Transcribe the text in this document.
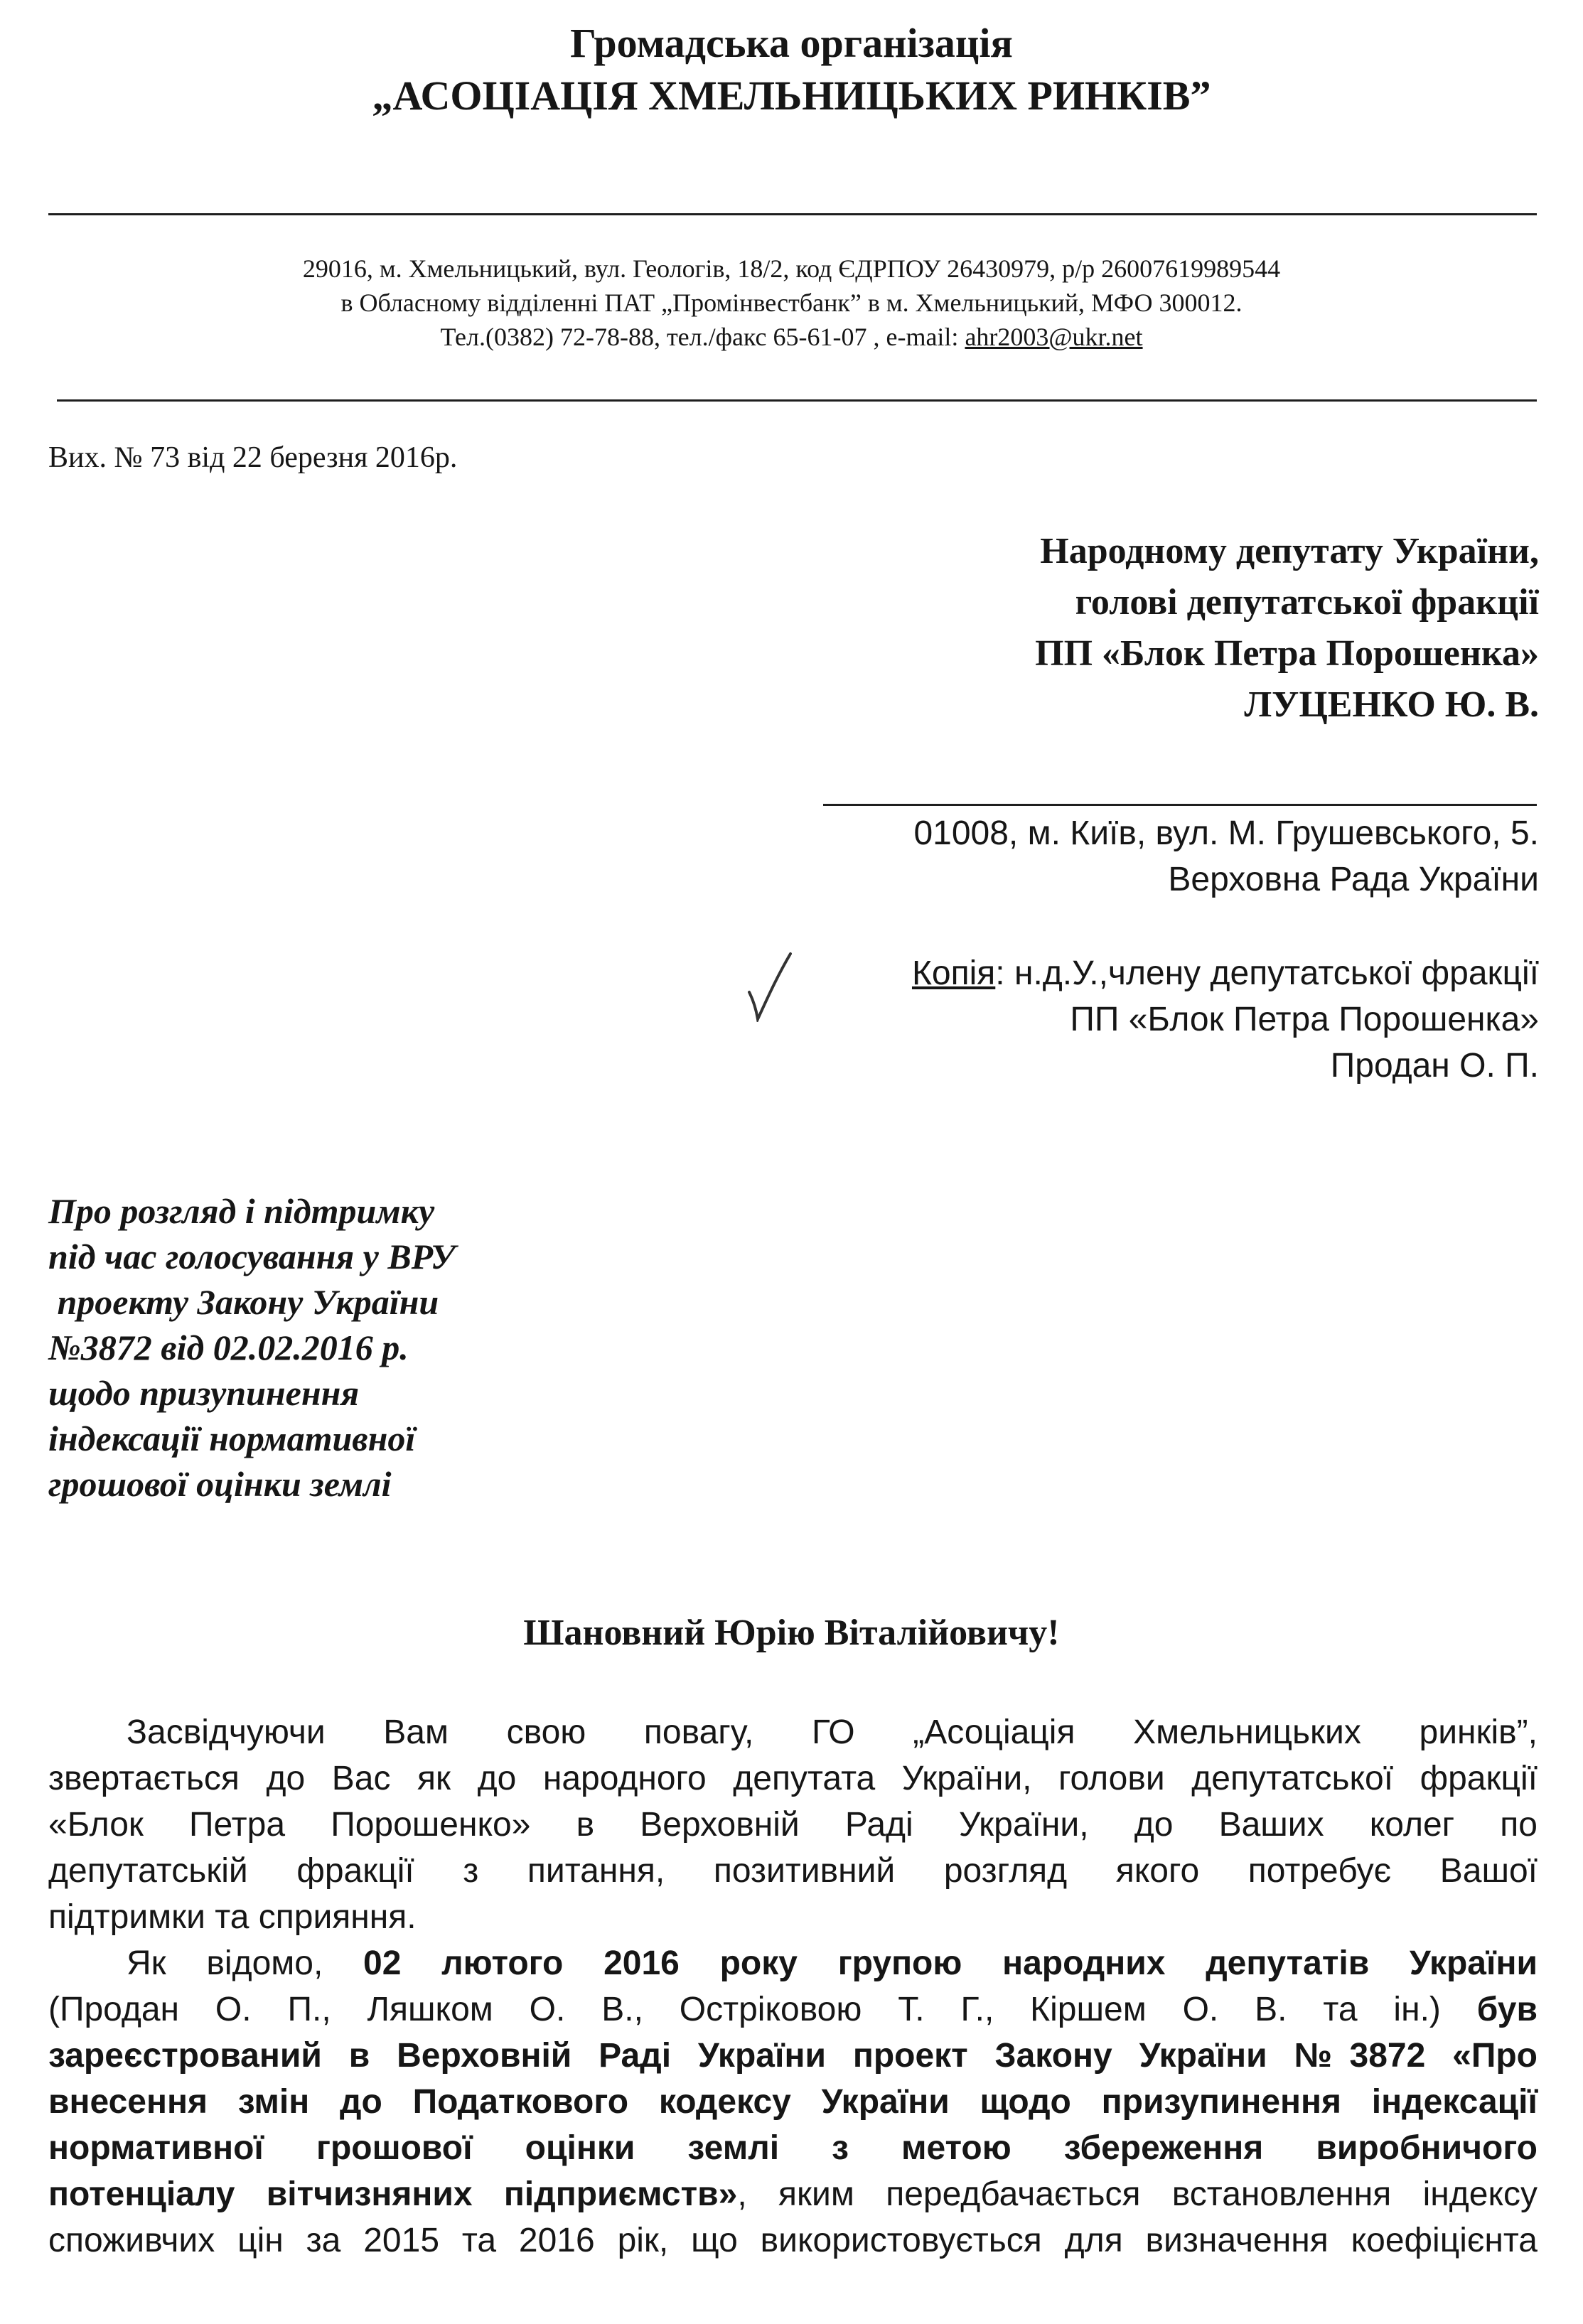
Громадська організація
„АСОЦІАЦІЯ ХМЕЛЬНИЦЬКИХ РИНКІВ”
29016, м. Хмельницький, вул. Геологів, 18/2, код ЄДРПОУ 26430979, р/р 26007619989544
в Обласному відділенні ПАТ „Промінвестбанк” в м. Хмельницький, МФО 300012.
Тел.(0382) 72-78-88, тел./факс 65-61-07 , e-mail: ahr2003@ukr.net
Вих. № 73 від 22 березня 2016р.
Народному депутату України,
голові депутатської фракції
ПП «Блок Петра Порошенка»
ЛУЦЕНКО Ю. В.
01008, м. Київ, вул. М. Грушевського, 5.
Верховна Рада України
Копія: н.д.У.,члену депутатської фракції
ПП «Блок Петра Порошенка»
Продан О. П.
Про розгляд і підтримку
під час голосування у ВРУ
проекту Закону України
№3872 від 02.02.2016 р.
щодо призупинення
індексації нормативної
грошової оцінки землі
Шановний Юрію Віталійовичу!
Засвідчуючи Вам свою повагу, ГО „Асоціація Хмельницьких ринків”,
звертається до Вас як до народного депутата України, голови депутатської фракції
«Блок Петра Порошенко» в Верховній Раді України, до Ваших колег по
депутатській фракції з питання, позитивний розгляд якого потребує Вашої
підтримки та сприяння.
Як відомо, 02 лютого 2016 року групою народних депутатів України
(Продан О. П., Ляшком О. В., Остріковою Т. Г., Кіршем О. В. та ін.) був
зареєстрований в Верховній Раді України проект Закону України №3872 «Про
внесення змін до Податкового кодексу України щодо призупинення індексації
нормативної грошової оцінки землі з метою збереження виробничого
потенціалу вітчизняних підприємств», яким передбачається встановлення індексу
споживчих цін за 2015 та 2016 рік, що використовується для визначення коефіцієнта
